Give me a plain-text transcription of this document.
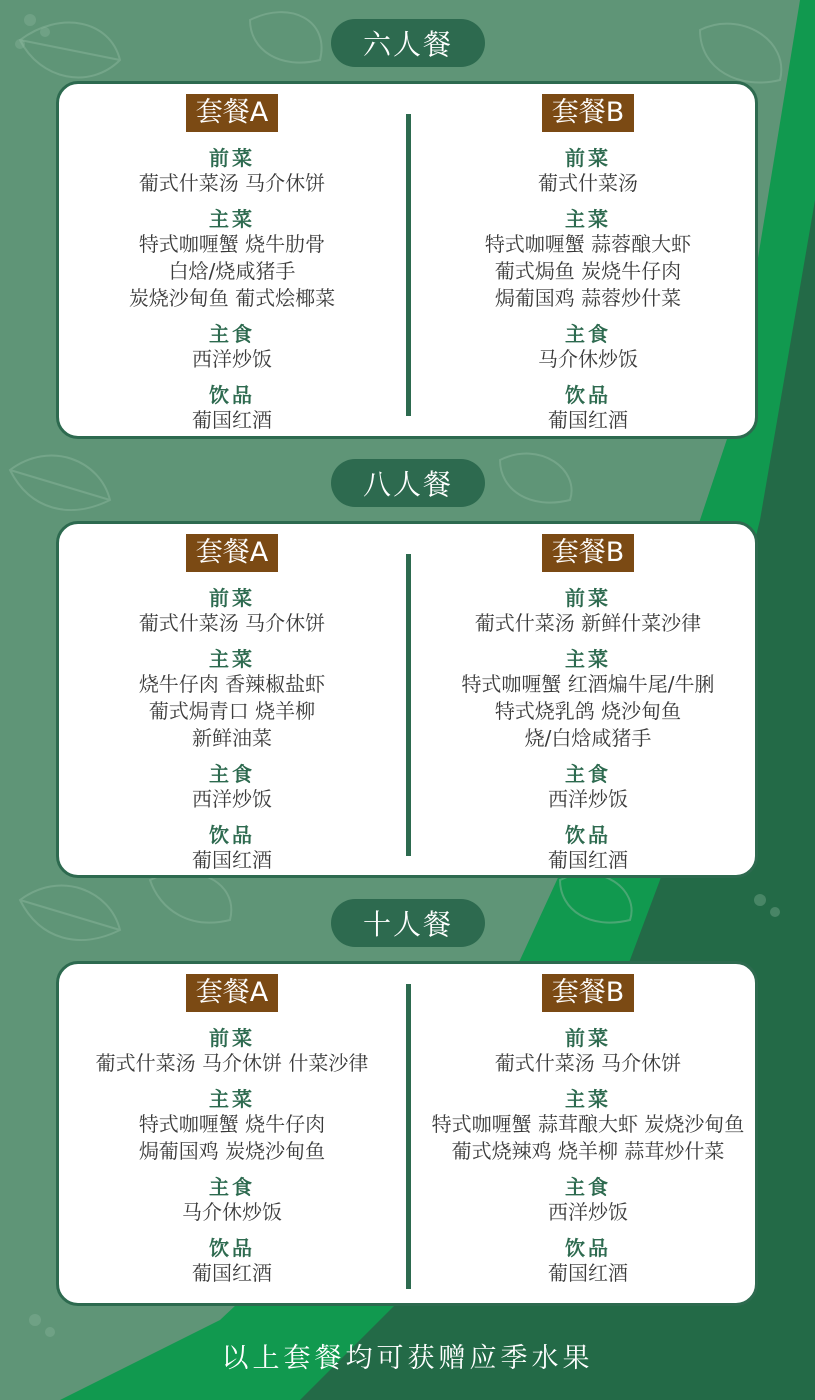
六人餐
套餐A
前菜
葡式什菜汤 马介休饼
主菜
特式咖喱蟹 烧牛肋骨
白焓/烧咸猪手
炭烧沙甸鱼 葡式烩椰菜
主食
西洋炒饭
饮品
葡国红酒
套餐B
前菜
葡式什菜汤
主菜
特式咖喱蟹 蒜蓉酿大虾
葡式焗鱼 炭烧牛仔肉
焗葡国鸡 蒜蓉炒什菜
主食
马介休炒饭
饮品
葡国红酒
八人餐
套餐A
前菜
葡式什菜汤 马介休饼
主菜
烧牛仔肉 香辣椒盐虾
葡式焗青口 烧羊柳
新鲜油菜
主食
西洋炒饭
饮品
葡国红酒
套餐B
前菜
葡式什菜汤 新鲜什菜沙律
主菜
特式咖喱蟹 红酒煸牛尾/牛脷
特式烧乳鸽 烧沙甸鱼
烧/白焓咸猪手
主食
西洋炒饭
饮品
葡国红酒
十人餐
套餐A
前菜
葡式什菜汤 马介休饼 什菜沙律
主菜
特式咖喱蟹 烧牛仔肉
焗葡国鸡 炭烧沙甸鱼
主食
马介休炒饭
饮品
葡国红酒
套餐B
前菜
葡式什菜汤 马介休饼
主菜
特式咖喱蟹 蒜茸酿大虾 炭烧沙甸鱼
葡式烧辣鸡 烧羊柳 蒜茸炒什菜
主食
西洋炒饭
饮品
葡国红酒
以上套餐均可获赠应季水果
